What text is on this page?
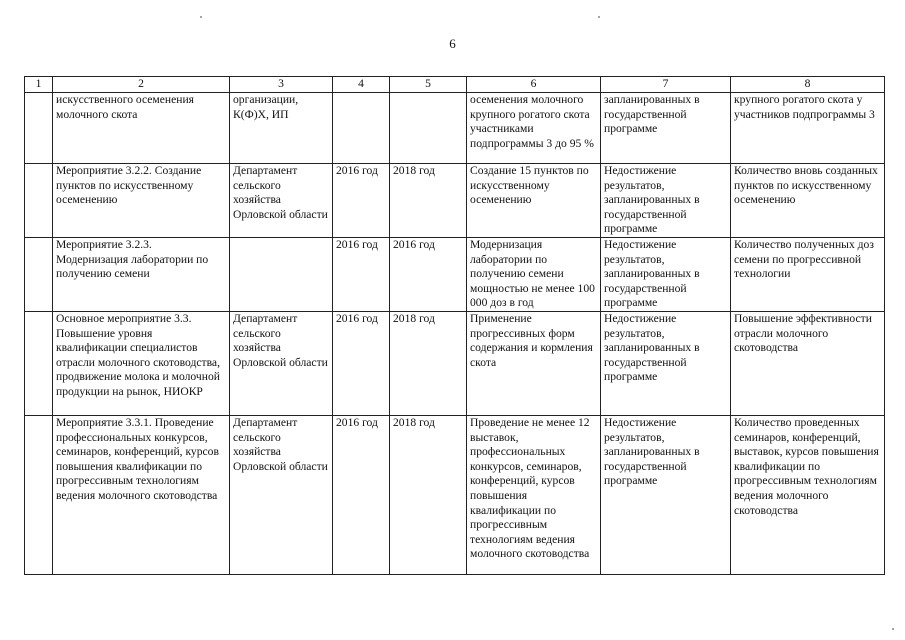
6
1	2	3	4	5	6	7	8
	искусственного осеменения молочного скота	организации, К(Ф)Х, ИП			осеменения молочного крупного рогатого скота участниками подпрограммы 3 до 95 %	запланированных в государственной программе	крупного рогатого скота у участников подпрограммы 3
	Мероприятие 3.2.2. Создание пунктов по искусственному осеменению	Департамент сельского хозяйства Орловской области	2016 год	2018 год	Создание 15 пунктов по искусственному осеменению	Недостижение результатов, запланированных в государственной программе	Количество вновь созданных пунктов по искусственному осеменению
	Мероприятие 3.2.3. Модернизация лаборатории по получению семени		2016 год	2016 год	Модернизация лаборатории по получению семени мощностью не менее 100 000 доз в год	Недостижение результатов, запланированных в государственной программе	Количество полученных доз семени по прогрессивной технологии
	Основное мероприятие 3.3. Повышение уровня квалификации специалистов отрасли молочного скотоводства, продвижение молока и молочной продукции на рынок, НИОКР	Департамент сельского хозяйства Орловской области	2016 год	2018 год	Применение прогрессивных форм содержания и кормления скота	Недостижение результатов, запланированных в государственной программе	Повышение эффективности отрасли молочного скотоводства
	Мероприятие 3.3.1. Проведение профессиональных конкурсов, семинаров, конференций, курсов повышения квалификации по прогрессивным технологиям ведения молочного скотоводства	Департамент сельского хозяйства Орловской области	2016 год	2018 год	Проведение не менее 12 выставок, профессиональных конкурсов, семинаров, конференций, курсов повышения квалификации по прогрессивным технологиям ведения молочного скотоводства	Недостижение результатов, запланированных в государственной программе	Количество проведенных семинаров, конференций, выставок, курсов повышения квалификации по прогрессивным технологиям ведения молочного скотоводства
